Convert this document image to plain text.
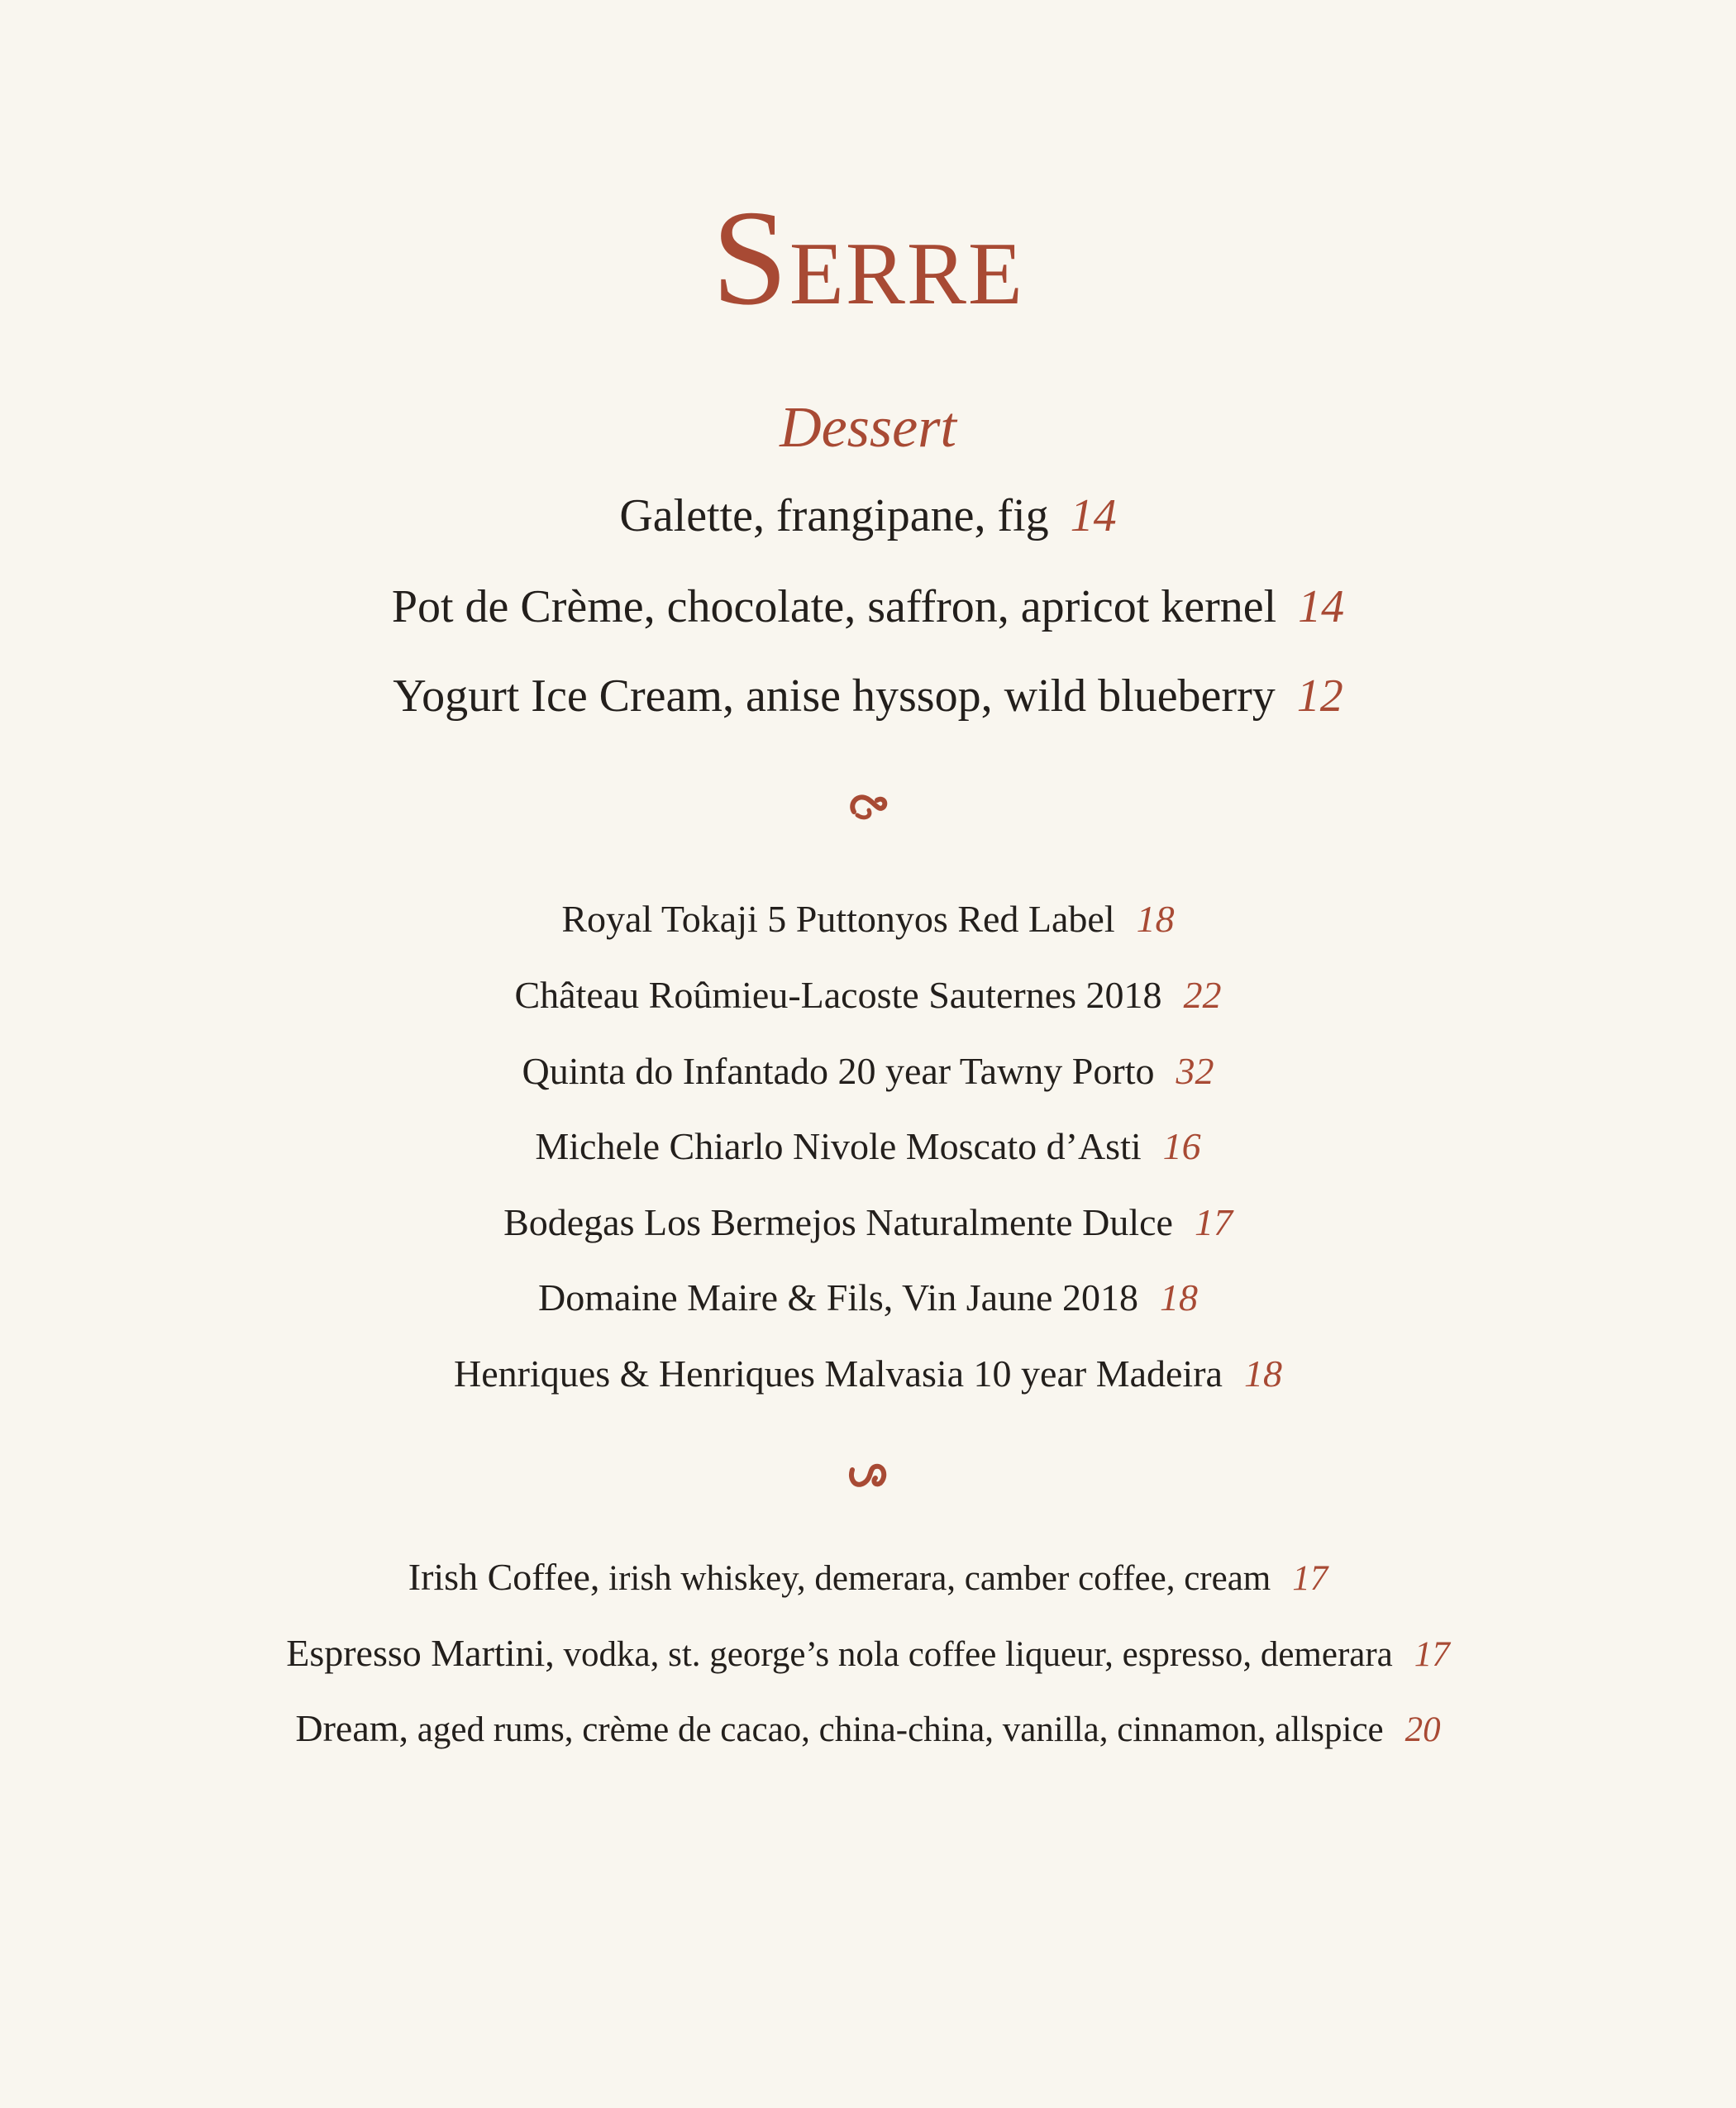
SERRE
Dessert
Galette, frangipane, fig 14
Pot de Crème, chocolate, saffron, apricot kernel 14
Yogurt Ice Cream, anise hyssop, wild blueberry 12
Royal Tokaji 5 Puttonyos Red Label 18
Château Roûmieu-Lacoste Sauternes 2018 22
Quinta do Infantado 20 year Tawny Porto 32
Michele Chiarlo Nivole Moscato d’Asti 16
Bodegas Los Bermejos Naturalmente Dulce 17
Domaine Maire & Fils, Vin Jaune 2018 18
Henriques & Henriques Malvasia 10 year Madeira 18
Irish Coffee, irish whiskey, demerara, camber coffee, cream 17
Espresso Martini, vodka, st. george’s nola coffee liqueur, espresso, demerara 17
Dream, aged rums, crème de cacao, china-china, vanilla, cinnamon, allspice 20
